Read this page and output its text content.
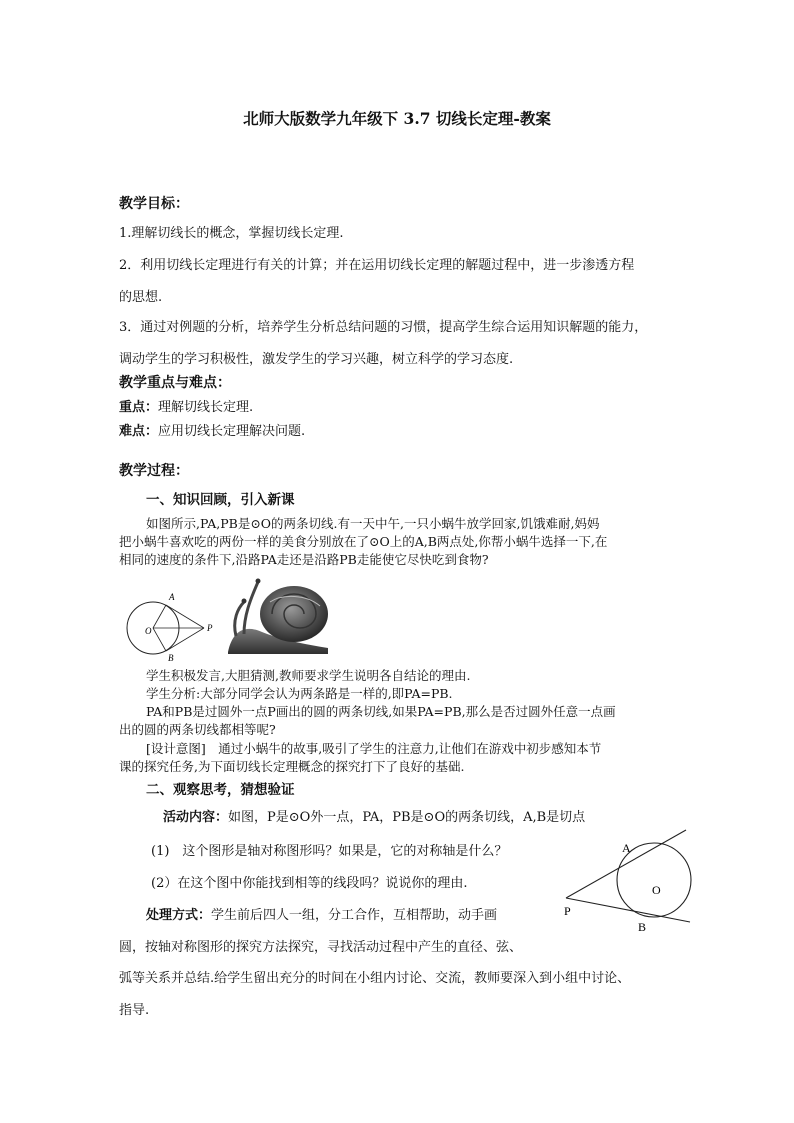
北师大版数学九年级下 3.7 切线长定理-教案
教学目标：
1.理解切线长的概念，掌握切线长定理.
2．利用切线长定理进行有关的计算；并在运用切线长定理的解题过程中，进一步渗透方程
的思想.
3．通过对例题的分析，培养学生分析总结问题的习惯，提高学生综合运用知识解题的能力，
调动学生的学习积极性，激发学生的学习兴趣，树立科学的学习态度.
教学重点与难点：
重点：理解切线长定理.
难点：应用切线长定理解决问题.
教学过程：
一、知识回顾，引入新课
如图所示,PA,PB是⊙O的两条切线.有一天中午,一只小蜗牛放学回家,饥饿难耐,妈妈
把小蜗牛喜欢吃的两份一样的美食分别放在了⊙O上的A,B两点处,你帮小蜗牛选择一下,在
相同的速度的条件下,沿路PA走还是沿路PB走能使它尽快吃到食物?
A
B
O	P
学生积极发言,大胆猜测,教师要求学生说明各自结论的理由.
学生分析:大部分同学会认为两条路是一样的,即PA=PB.
PA和PB是过圆外一点P画出的圆的两条切线,如果PA=PB,那么是否过圆外任意一点画
出的圆的两条切线都相等呢?
[设计意图]　通过小蜗牛的故事,吸引了学生的注意力,让他们在游戏中初步感知本节
课的探究任务,为下面切线长定理概念的探究打下了良好的基础.
二、观察思考，猜想验证
活动内容：如图，P是⊙O外一点，PA，PB是⊙O的两条切线，A,B是切点
(1)　这个图形是轴对称图形吗？如果是，它的对称轴是什么？
(2）在这个图中你能找到相等的线段吗？说说你的理由.
处理方式：学生前后四人一组，分工合作，互相帮助，动手画
圆，按轴对称图形的探究方法探究，寻找活动过程中产生的直径、弦、
弧等关系并总结.给学生留出充分的时间在小组内讨论、交流，教师要深入到小组中讨论、
指导.
A
O
P
B
